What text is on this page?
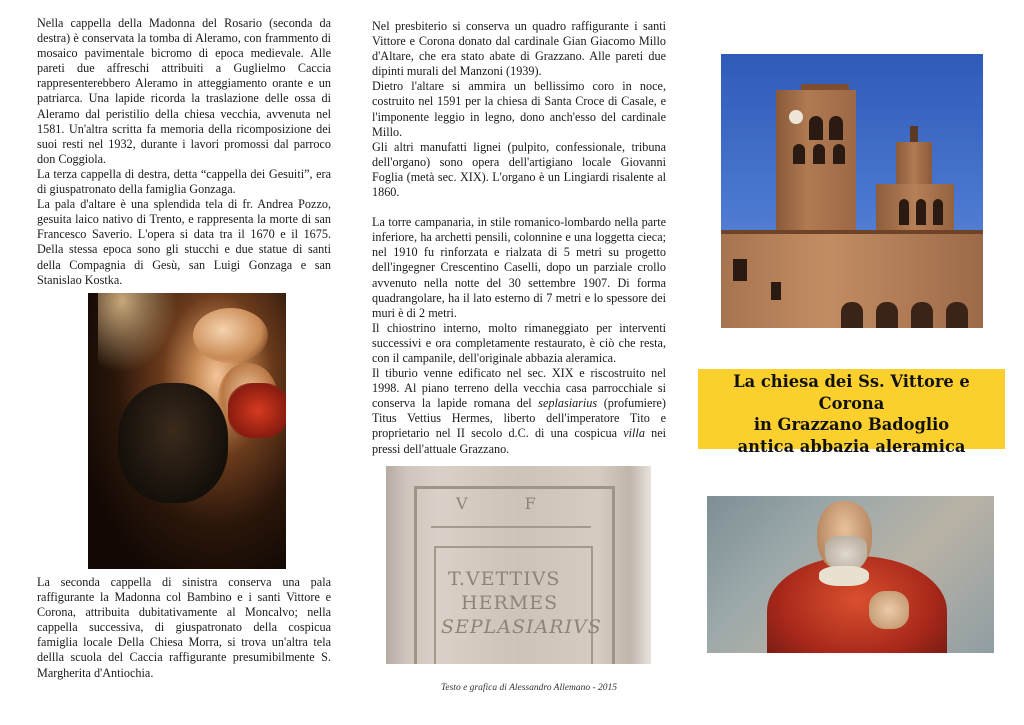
Nella cappella della Madonna del Rosario (seconda da destra) è conservata la tomba di Aleramo, con frammento di mosaico pavimentale bicromo di epoca medievale. Alle pareti due affreschi attribuiti a Guglielmo Caccia rappresenterebbero Aleramo in atteggiamento orante e un patriarca. Una lapide ricorda la traslazione delle ossa di Aleramo dal peristilio della chiesa vecchia, avvenuta nel 1581. Un'altra scritta fa memoria della ricomposizione dei suoi resti nel 1932, durante i lavori promossi dal parroco don Coggiola.

La terza cappella di destra, detta “cappella dei Gesuiti”, era di giuspatronato della famiglia Gonzaga.

La pala d'altare è una splendida tela di fr. Andrea Pozzo, gesuita laico nativo di Trento, e rappresenta la morte di san Francesco Saverio. L'opera si data tra il 1670 e il 1675. Della stessa epoca sono gli stucchi e due statue di santi della Compagnia di Gesù, san Luigi Gonzaga e san Stanislao Kostka.

La seconda cappella di sinistra conserva una pala raffigurante la Madonna col Bambino e i santi Vittore e Corona, attribuita dubitativamente al Moncalvo; nella cappella successiva, di giuspatronato della cospicua famiglia locale Della Chiesa Morra, si trova un'altra tela dellla scuola del Caccia raffigurante presumibilmente S. Margherita d'Antiochia.

Nel presbiterio si conserva un quadro raffigurante i santi Vittore e Corona donato dal cardinale Gian Giacomo Millo d'Altare, che era stato abate di Grazzano. Alle pareti due dipinti murali del Manzoni (1939).

Dietro l'altare si ammira un bellissimo coro in noce, costruito nel 1591 per la chiesa di Santa Croce di Casale, e l'imponente leggio in legno, dono anch'esso del cardinale Millo.

Gli altri manufatti lignei (pulpito, confessionale, tribuna dell'organo) sono opera dell'artigiano locale Giovanni Foglia (metà sec. XIX). L'organo è un Lingiardi risalente al 1860.

La torre campanaria, in stile romanico-lombardo nella parte inferiore, ha archetti pensili, colonnine e una loggetta cieca; nel 1910 fu rinforzata e rialzata di 5 metri su progetto dell'ingegner Crescentino Caselli, dopo un parziale crollo avvenuto nella notte del 30 settembre 1907. Di forma quadrangolare, ha il lato esterno di 7 metri e lo spessore dei muri è di 2 metri.

Il chiostrino interno, molto rimaneggiato per interventi successivi e ora completamente restaurato, è ciò che resta, con il campanile, dell'originale abbazia aleramica.

Il tiburio venne edificato nel sec. XIX e riscostruito nel 1998. Al piano terreno della vecchia casa parrocchiale si conserva la lapide romana del seplasiarius (profumiere) Titus Vettius Hermes, liberto dell'imperatore Tito e proprietario nel II secolo d.C. di una cospicua villa nei pressi dell'attuale Grazzano.

V F
T.VETTIVS
HERMES
SEPLASIARIVS
La chiesa dei Ss. Vittore e Corona
in Grazzano Badoglio
antica abbazia aleramica
Testo e grafica di Alessandro Allemano - 2015
